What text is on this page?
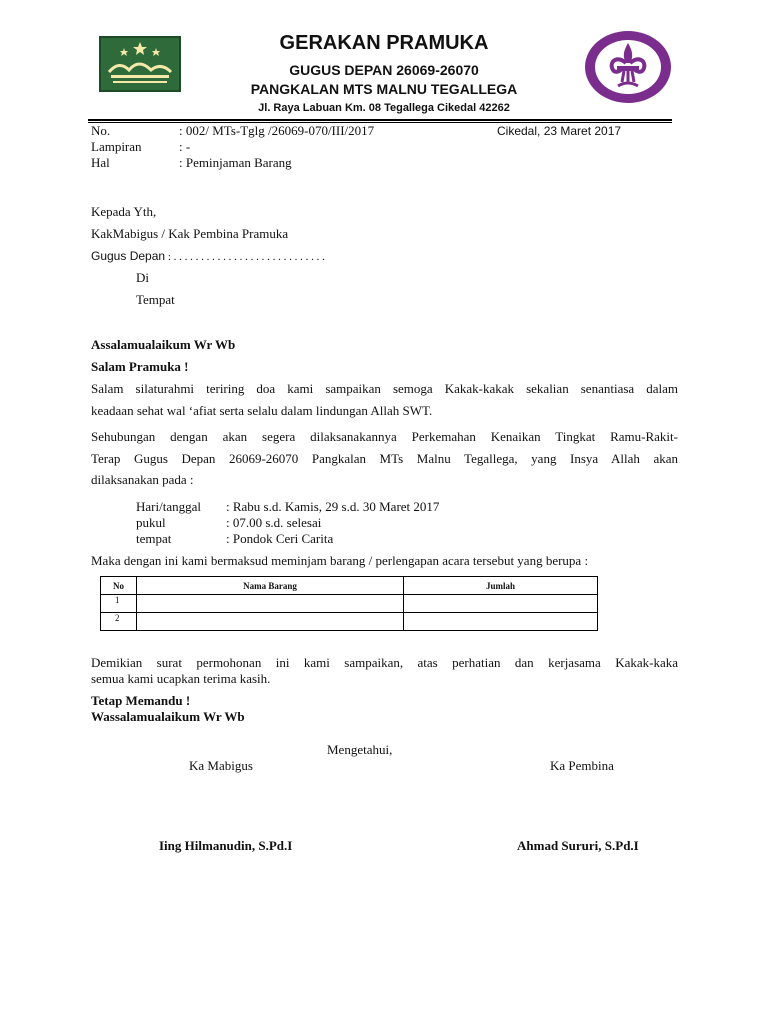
GERAKAN PRAMUKA
GUGUS DEPAN 26069-26070
PANGKALAN MTS MALNU TEGALLEGA
Jl. Raya Labuan Km. 08 Tegallega Cikedal 42262
No.	: 002/ MTs-Tglg /26069-070/III/2017	Cikedal, 23 Maret 2017
Lampiran	: -
Hal	: Peminjaman Barang
Kepada Yth,
KakMabigus / Kak Pembina Pramuka
Gugus Depan : . . . . . . . . . . . . . . . . . . . . . . . . . . . .
Di
Tempat
Assalamualaikum Wr Wb
Salam Pramuka !
Salam silaturahmi teriring doa kami sampaikan semoga Kakak-kakak sekalian senantiasa dalam
keadaan sehat wal ‘afiat serta selalu dalam lindungan Allah SWT.
Sehubungan dengan akan segera dilaksanakannya Perkemahan Kenaikan Tingkat Ramu-Rakit-
Terap Gugus Depan 26069-26070 Pangkalan MTs Malnu Tegallega, yang Insya Allah akan
dilaksanakan pada :
Hari/tanggal : Rabu s.d. Kamis, 29 s.d. 30 Maret 2017
pukul	: 07.00 s.d. selesai
tempat	: Pondok Ceri Carita
Maka dengan ini kami bermaksud meminjam barang / perlengapan acara tersebut yang berupa :
No	Nama Barang	Jumlah
1		
2		
Demikian surat permohonan ini kami sampaikan, atas perhatian dan kerjasama Kakak-kaka
semua kami ucapkan terima kasih.
Tetap Memandu !
Wassalamualaikum Wr Wb
Mengetahui,
Ka Mabigus	Ka Pembina
Iing Hilmanudin, S.Pd.I	Ahmad Sururi, S.Pd.I
